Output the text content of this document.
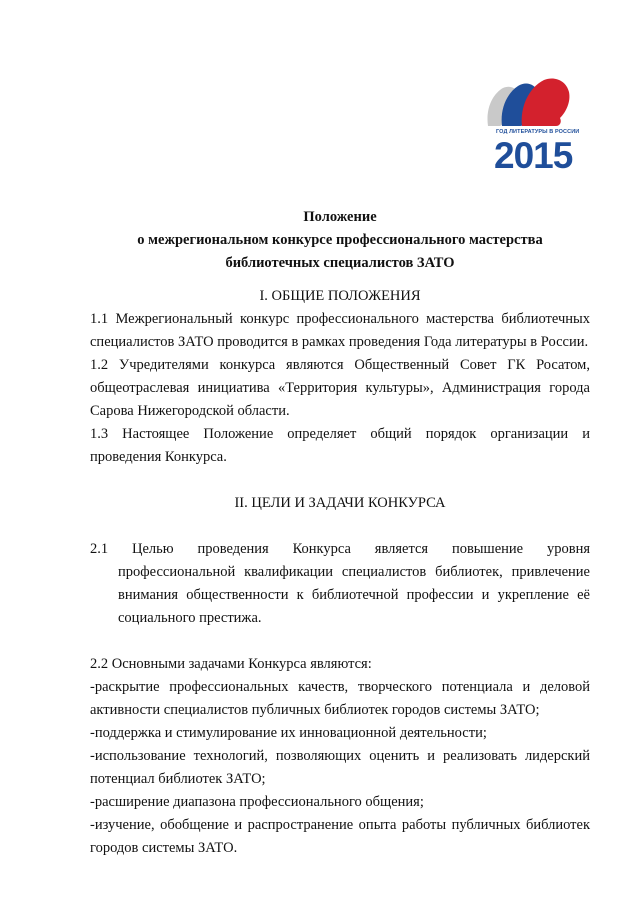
ГОД ЛИТЕРАТУРЫ В РОССИИ
2015
Положение
о межрегиональном конкурсе профессионального мастерства
библиотечных специалистов ЗАТО
I. ОБЩИЕ ПОЛОЖЕНИЯ

1.1 Межрегиональный конкурс профессионального мастерства библиотечных специалистов ЗАТО проводится в рамках проведения Года литературы в России.

1.2 Учредителями конкурса являются Общественный Совет ГК Росатом, общеотраслевая инициатива «Территория культуры», Администрация города Сарова Нижегородской области.

1.3 Настоящее Положение определяет общий порядок организации и проведения Конкурса.

II. ЦЕЛИ И ЗАДАЧИ КОНКУРСА

2.1 Целью проведения Конкурса является повышение уровня

профессиональной квалификации специалистов библиотек, привлечение внимания общественности к библиотечной профессии и укрепление её социального престижа.

2.2 Основными задачами Конкурса являются:

-раскрытие профессиональных качеств, творческого потенциала и деловой активности специалистов публичных библиотек городов системы ЗАТО;

-поддержка и стимулирование их инновационной деятельности;

-использование технологий, позволяющих оценить и реализовать лидерский потенциал библиотек ЗАТО;

-расширение диапазона профессионального общения;

-изучение, обобщение и распространение опыта работы публичных библиотек городов системы ЗАТО.
